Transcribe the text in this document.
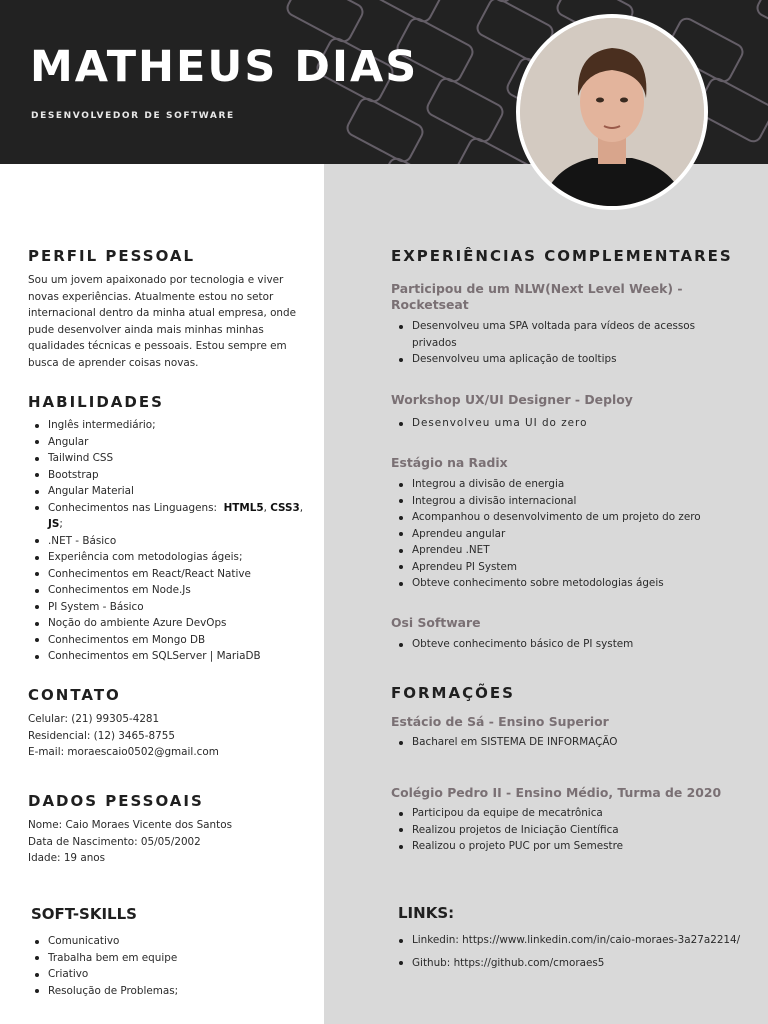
MATHEUS DIAS
DESENVOLVEDOR DE SOFTWARE
PERFIL PESSOAL
Sou um jovem apaixonado por tecnologia e viver
novas experiências. Atualmente estou no setor
internacional dentro da minha atual empresa, onde
pude desenvolver ainda mais minhas minhas
qualidades técnicas e pessoais. Estou sempre em
busca de aprender coisas novas.
HABILIDADES
Inglês intermediário;
Angular
Tailwind CSS
Bootstrap
Angular Material
Conhecimentos nas Linguagens: HTML5, CSS3,
JS;
.NET - Básico
Experiência com metodologias ágeis;
Conhecimentos em React/React Native
Conhecimentos em Node.Js
PI System - Básico
Noção do ambiente Azure DevOps
Conhecimentos em Mongo DB
Conhecimentos em SQLServer | MariaDB
CONTATO
Celular: (21) 99305-4281
Residencial: (12) 3465-8755
E-mail: moraescaio0502@gmail.com
DADOS PESSOAIS
Nome: Caio Moraes Vicente dos Santos
Data de Nascimento: 05/05/2002
Idade: 19 anos
SOFT-SKILLS
Comunicativo
Trabalha bem em equipe
Criativo
Resolução de Problemas;
EXPERIÊNCIAS COMPLEMENTARES
Participou de um NLW(Next Level Week) -
Rocketseat
Desenvolveu uma SPA voltada para vídeos de acessos
privados
Desenvolveu uma aplicação de tooltips
Workshop UX/UI Designer - Deploy
Desenvolveu uma UI do zero
Estágio na Radix
Integrou a divisão de energia
Integrou a divisão internacional
Acompanhou o desenvolvimento de um projeto do zero
Aprendeu angular
Aprendeu .NET
Aprendeu PI System
Obteve conhecimento sobre metodologias ágeis
Osi Software
Obteve conhecimento básico de PI system
FORMAÇÕES
Estácio de Sá - Ensino Superior
Bacharel em SISTEMA DE INFORMAÇÃO
Colégio Pedro II - Ensino Médio, Turma de 2020
Participou da equipe de mecatrônica
Realizou projetos de Iniciação Científica
Realizou o projeto PUC por um Semestre
LINKS:
Linkedin: https://www.linkedin.com/in/caio-moraes-3a27a2214/
Github: https://github.com/cmoraes5
